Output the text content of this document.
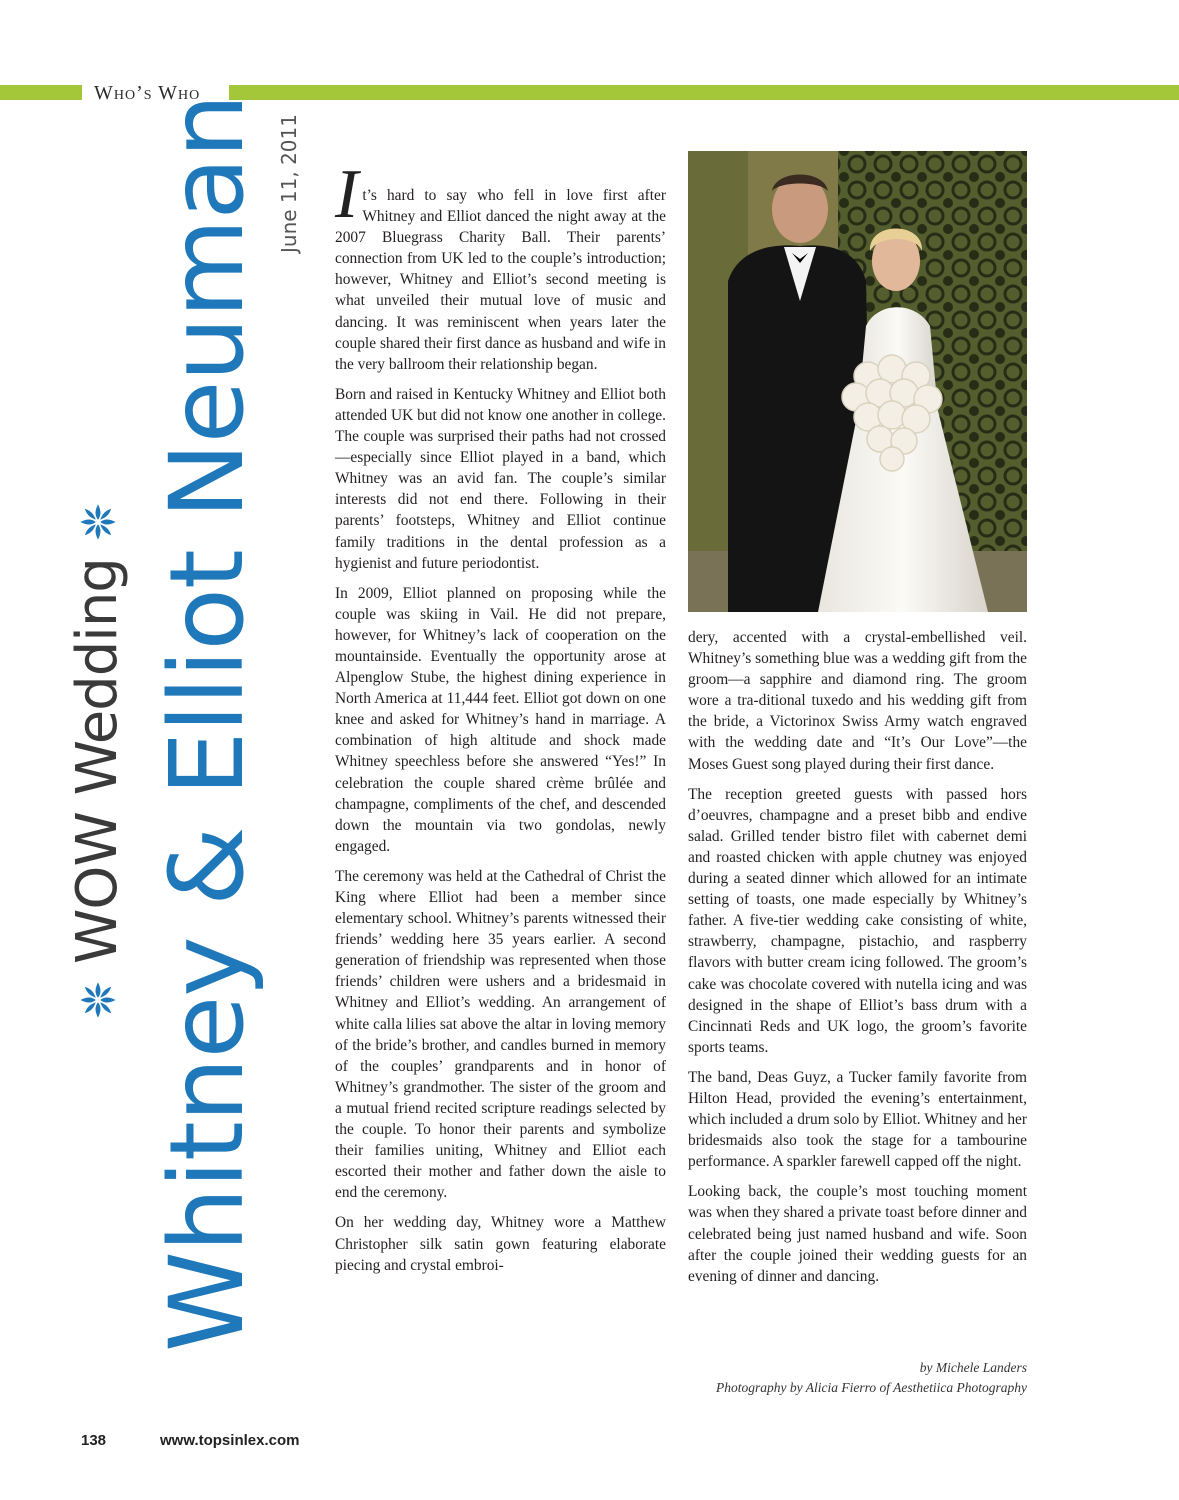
Who’s Who
Whitney & Elliot Neuman
WOW Wedding
June 11, 2011 I t’s hard to say who fell in love first after Whitney and Elliot danced the night away at the 2007 Bluegrass Charity Ball. Their parents’ connection from UK led to the couple’s introduction; however, Whitney and Elliot’s second meeting is what unveiled their mutual love of music and dancing. It was reminiscent when years later the couple shared their first dance as husband and wife in the very ballroom their relationship began.

Born and raised in Kentucky Whitney and Elliot both attended UK but did not know one another in college. The couple was surprised their paths had not crossed—especially since Elliot played in a band, which Whitney was an avid fan. The couple’s similar interests did not end there. Following in their parents’ footsteps, Whitney and Elliot continue family traditions in the dental profession as a hygienist and future periodontist.

In 2009, Elliot planned on proposing while the couple was skiing in Vail. He did not prepare, however, for Whitney’s lack of cooperation on the mountainside. Eventually the opportunity arose at Alpenglow Stube, the highest dining experience in North America at 11,444 feet. Elliot got down on one knee and asked for Whitney’s hand in marriage. A combination of high altitude and shock made Whitney speechless before she answered “Yes!” In celebration the couple shared crème brûlée and champagne, compliments of the chef, and descended down the mountain via two gondolas, newly engaged.

The ceremony was held at the Cathedral of Christ the King where Elliot had been a member since elementary school. Whitney’s parents witnessed their friends’ wedding here 35 years earlier. A second generation of friendship was represented when those friends’ children were ushers and a bridesmaid in Whitney and Elliot’s wedding. An arrangement of white calla lilies sat above the altar in loving memory of the bride’s brother, and candles burned in memory of the couples’ grandparents and in honor of Whitney’s grandmother. The sister of the groom and a mutual friend recited scripture readings selected by the couple. To honor their parents and symbolize their families uniting, Whitney and Elliot each escorted their mother and father down the aisle to end the ceremony.

On her wedding day, Whitney wore a Matthew Christopher silk satin gown featuring elaborate piecing and crystal embroi-

dery, accented with a crystal-embellished veil. Whitney’s something blue was a wedding gift from the groom—a sapphire and diamond ring. The groom wore a tra-ditional tuxedo and his wedding gift from the bride, a Victorinox Swiss Army watch engraved with the wedding date and “It’s Our Love”—the Moses Guest song played during their first dance.

The reception greeted guests with passed hors d’oeuvres, champagne and a preset bibb and endive salad. Grilled tender bistro filet with cabernet demi and roasted chicken with apple chutney was enjoyed during a seated dinner which allowed for an intimate setting of toasts, one made especially by Whitney’s father. A five-tier wedding cake consisting of white, strawberry, champagne, pistachio, and raspberry flavors with butter cream icing followed. The groom’s cake was chocolate covered with nutella icing and was designed in the shape of Elliot’s bass drum with a Cincinnati Reds and UK logo, the groom’s favorite sports teams.

The band, Deas Guyz, a Tucker family favorite from Hilton Head, provided the evening’s entertainment, which included a drum solo by Elliot. Whitney and her bridesmaids also took the stage for a tambourine performance. A sparkler farewell capped off the night.

Looking back, the couple’s most touching moment was when they shared a private toast before dinner and celebrated being just named husband and wife. Soon after the couple joined their wedding guests for an evening of dinner and dancing.

by Michele Landers
Photography by Alicia Fierro of Aesthetiica Photography
138	www.topsinlex.com
